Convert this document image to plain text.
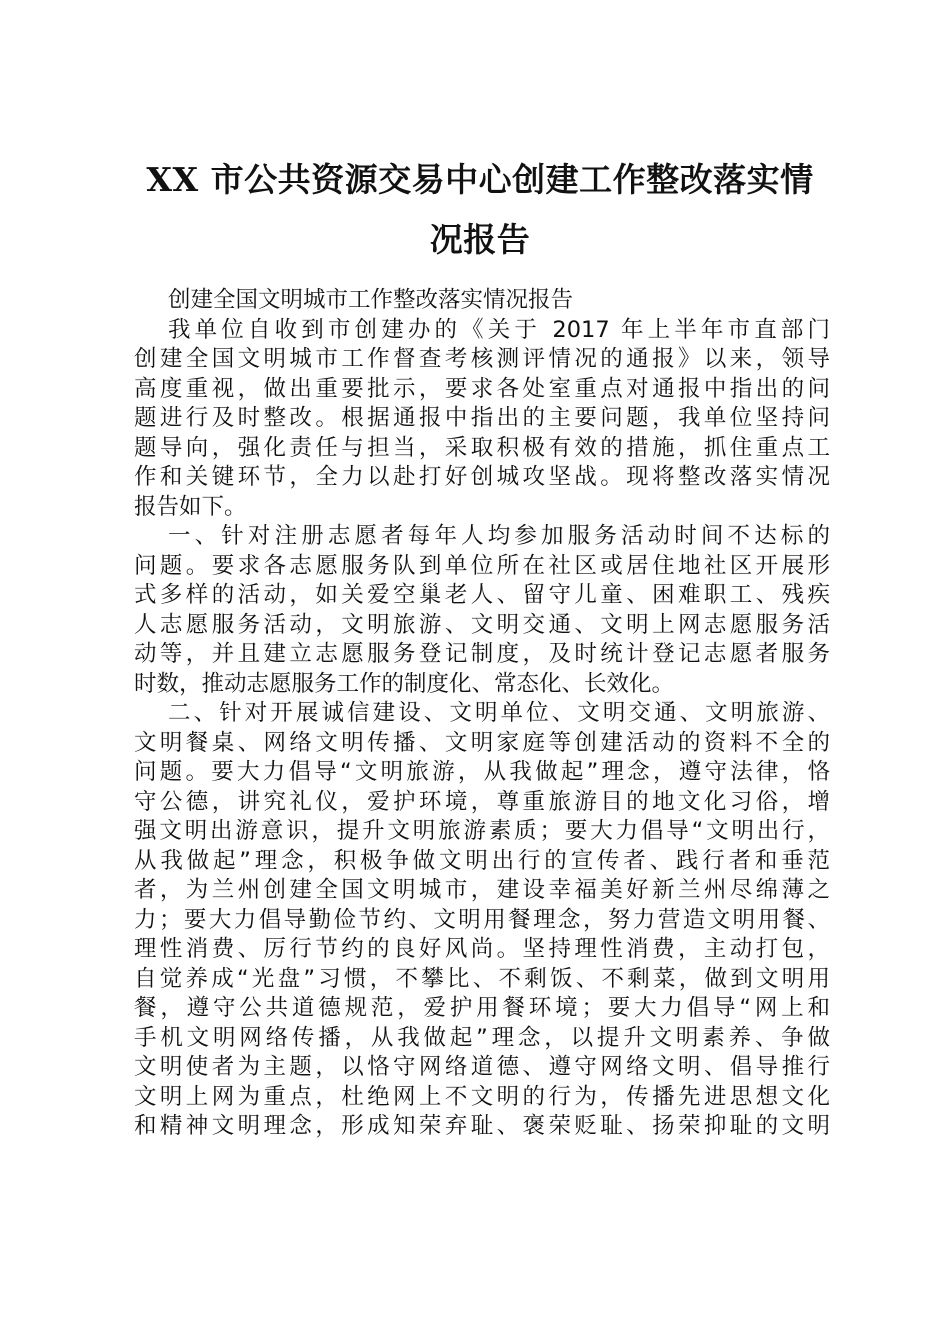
XX 市公共资源交易中心创建工作整改落实情
况报告
创建全国文明城市工作整改落实情况报告
我单位自收到市创建办的《关于 2017 年上半年市直部门
创建全国文明城市工作督查考核测评情况的通报》以来，领导
高度重视，做出重要批示，要求各处室重点对通报中指出的问
题进行及时整改。根据通报中指出的主要问题，我单位坚持问
题导向，强化责任与担当，采取积极有效的措施，抓住重点工
作和关键环节，全力以赴打好创城攻坚战。现将整改落实情况
报告如下。
一、针对注册志愿者每年人均参加服务活动时间不达标的
问题。要求各志愿服务队到单位所在社区或居住地社区开展形
式多样的活动，如关爱空巢老人、留守儿童、困难职工、残疾
人志愿服务活动，文明旅游、文明交通、文明上网志愿服务活
动等，并且建立志愿服务登记制度，及时统计登记志愿者服务
时数，推动志愿服务工作的制度化、常态化、长效化。
二、针对开展诚信建设、文明单位、文明交通、文明旅游、
文明餐桌、网络文明传播、文明家庭等创建活动的资料不全的
问题。要大力倡导“文明旅游，从我做起”理念，遵守法律，恪
守公德，讲究礼仪，爱护环境，尊重旅游目的地文化习俗，增
强文明出游意识，提升文明旅游素质；要大力倡导“文明出行，
从我做起”理念，积极争做文明出行的宣传者、践行者和垂范
者，为兰州创建全国文明城市，建设幸福美好新兰州尽绵薄之
力；要大力倡导勤俭节约、文明用餐理念，努力营造文明用餐、
理性消费、厉行节约的良好风尚。坚持理性消费，主动打包，
自觉养成“光盘”习惯，不攀比、不剩饭、不剩菜，做到文明用
餐，遵守公共道德规范，爱护用餐环境；要大力倡导“网上和
手机文明网络传播，从我做起”理念，以提升文明素养、争做
文明使者为主题，以恪守网络道德、遵守网络文明、倡导推行
文明上网为重点，杜绝网上不文明的行为，传播先进思想文化
和精神文明理念，形成知荣弃耻、褒荣贬耻、扬荣抑耻的文明
